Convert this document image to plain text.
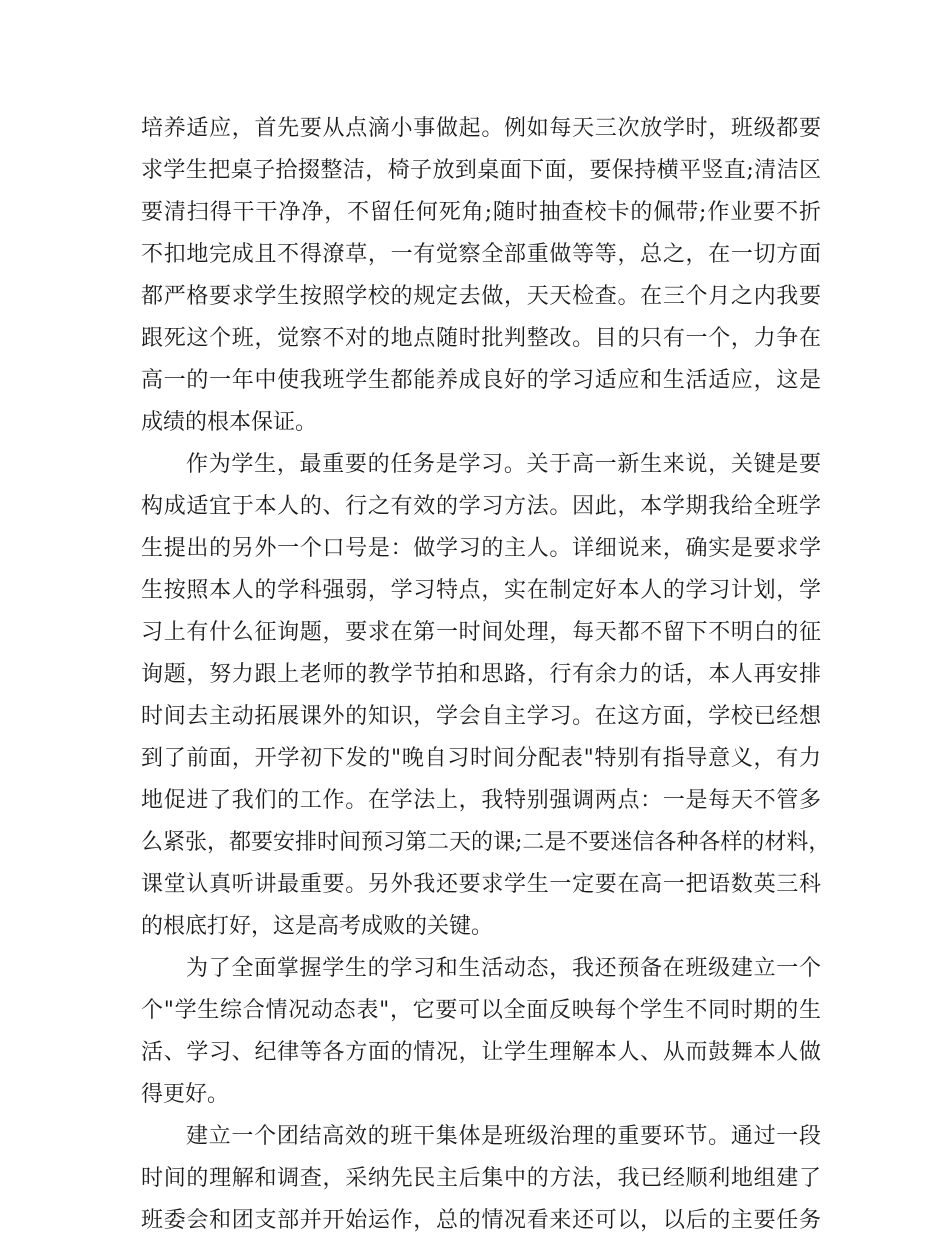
培养适应，首先要从点滴小事做起。例如每天三次放学时，班级都要
求学生把桌子拾掇整洁，椅子放到桌面下面，要保持横平竖直;清洁区
要清扫得干干净净，不留任何死角;随时抽查校卡的佩带;作业要不折
不扣地完成且不得潦草，一有觉察全部重做等等，总之，在一切方面
都严格要求学生按照学校的规定去做，天天检查。在三个月之内我要
跟死这个班，觉察不对的地点随时批判整改。目的只有一个，力争在
高一的一年中使我班学生都能养成良好的学习适应和生活适应，这是
成绩的根本保证。
作为学生，最重要的任务是学习。关于高一新生来说，关键是要
构成适宜于本人的、行之有效的学习方法。因此，本学期我给全班学
生提出的另外一个口号是：做学习的主人。详细说来，确实是要求学
生按照本人的学科强弱，学习特点，实在制定好本人的学习计划，学
习上有什么征询题，要求在第一时间处理，每天都不留下不明白的征
询题，努力跟上老师的教学节拍和思路，行有余力的话，本人再安排
时间去主动拓展课外的知识，学会自主学习。在这方面，学校已经想
到了前面，开学初下发的"晚自习时间分配表"特别有指导意义，有力
地促进了我们的工作。在学法上，我特别强调两点：一是每天不管多
么紧张，都要安排时间预习第二天的课;二是不要迷信各种各样的材料，
课堂认真听讲最重要。另外我还要求学生一定要在高一把语数英三科
的根底打好，这是高考成败的关键。
为了全面掌握学生的学习和生活动态，我还预备在班级建立一个
个"学生综合情况动态表"，它要可以全面反映每个学生不同时期的生
活、学习、纪律等各方面的情况，让学生理解本人、从而鼓舞本人做
得更好。
建立一个团结高效的班干集体是班级治理的重要环节。通过一段
时间的理解和调查，采纳先民主后集中的方法，我已经顺利地组建了
班委会和团支部并开始运作，总的情况看来还可以，以后的主要任务
